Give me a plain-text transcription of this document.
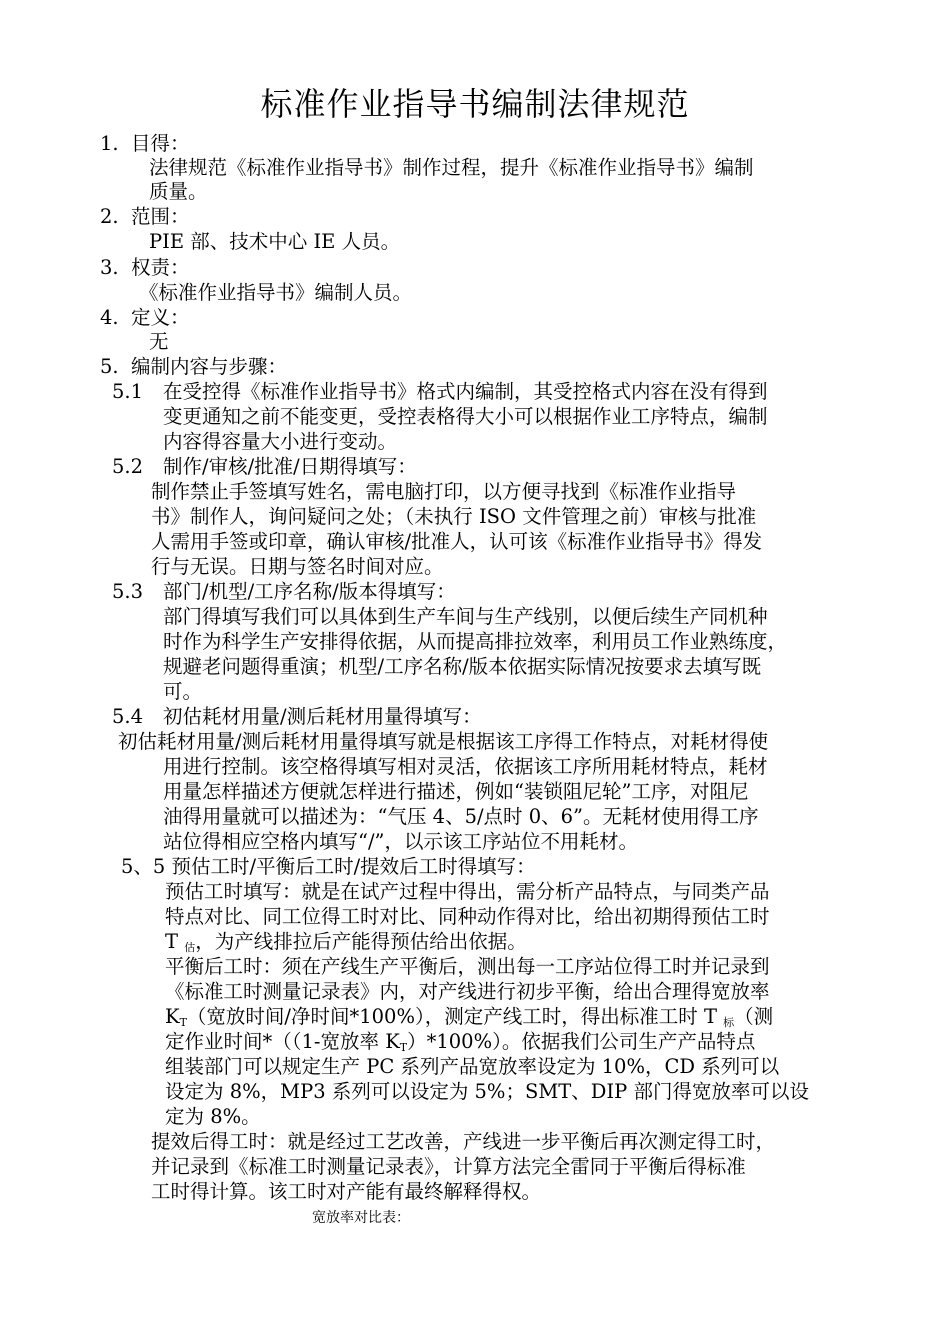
标准作业指导书编制法律规范
1. 目得：
法律规范《标准作业指导书》制作过程，提升《标准作业指导书》编制
质量。
2. 范围：
PIE 部、技术中心 IE 人员。
3. 权责：
《标准作业指导书》编制人员。
4. 定义：
无
5. 编制内容与步骤：
5.1 在受控得《标准作业指导书》格式内编制，其受控格式内容在没有得到
变更通知之前不能变更，受控表格得大小可以根据作业工序特点，编制
内容得容量大小进行变动。
5.2 制作/审核/批准/日期得填写：
制作禁止手签填写姓名，需电脑打印，以方便寻找到《标准作业指导
书》制作人，询问疑问之处；（未执行 ISO 文件管理之前）审核与批准
人需用手签或印章，确认审核/批准人，认可该《标准作业指导书》得发
行与无误。日期与签名时间对应。
5.3 部门/机型/工序名称/版本得填写：
部门得填写我们可以具体到生产车间与生产线别，以便后续生产同机种
时作为科学生产安排得依据，从而提高排拉效率，利用员工作业熟练度，
规避老问题得重演；机型/工序名称/版本依据实际情况按要求去填写既
可。
5.4 初估耗材用量/测后耗材用量得填写：
初估耗材用量/测后耗材用量得填写就是根据该工序得工作特点，对耗材得使
用进行控制。该空格得填写相对灵活，依据该工序所用耗材特点，耗材
用量怎样描述方便就怎样进行描述，例如“装锁阻尼轮”工序，对阻尼
油得用量就可以描述为：“气压 4、5/点时 0、6”。无耗材使用得工序
站位得相应空格内填写“/”，以示该工序站位不用耗材。
5、5 预估工时/平衡后工时/提效后工时得填写：
预估工时填写：就是在试产过程中得出，需分析产品特点，与同类产品
特点对比、同工位得工时对比、同种动作得对比，给出初期得预估工时
T $_估$，为产线排拉后产能得预估给出依据。
平衡后工时：须在产线生产平衡后，测出每一工序站位得工时并记录到
《标准工时测量记录表》内，对产线进行初步平衡，给出合理得宽放率
$K_T$（宽放时间/净时间*100%），测定产线工时，得出标准工时 T $_标$（测
定作业时间*（（1-宽放率 $K_T)*100\%$）。依据我们公司生产产品特点
组装部门可以规定生产 PC 系列产品宽放率设定为 10%，CD 系列可以
设定为 8%，MP3 系列可以设定为 5%；SMT、DIP 部门得宽放率可以设
定为 8%。
提效后得工时：就是经过工艺改善，产线进一步平衡后再次测定得工时，
并记录到《标准工时测量记录表》，计算方法完全雷同于平衡后得标准
工时得计算。该工时对产能有最终解释得权。
宽放率对比表：
